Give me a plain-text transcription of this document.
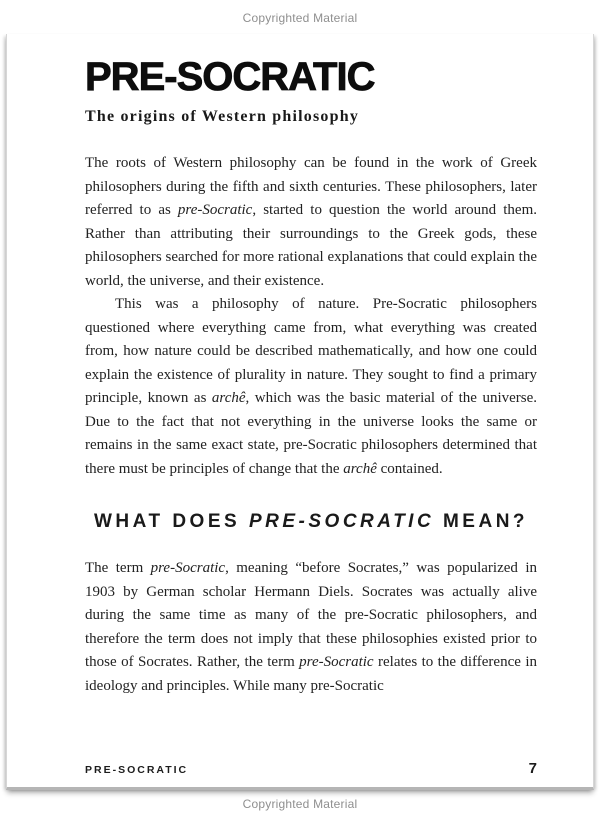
Copyrighted Material
PRE-SOCRATIC
The origins of Western philosophy

The roots of Western philosophy can be found in the work of Greek philosophers during the fifth and sixth centuries. These philosophers, later referred to as pre-Socratic, started to question the world around them. Rather than attributing their surroundings to the Greek gods, these philosophers searched for more rational explanations that could explain the world, the universe, and their existence.

This was a philosophy of nature. Pre-Socratic philosophers questioned where everything came from, what everything was created from, how nature could be described mathematically, and how one could explain the existence of plurality in nature. They sought to find a primary principle, known as archê, which was the basic material of the universe. Due to the fact that not everything in the universe looks the same or remains in the same exact state, pre-Socratic philosophers determined that there must be principles of change that the archê contained.

WHAT DOES PRE-SOCRATIC MEAN?

The term pre-Socratic, meaning “before Socrates,” was popularized in 1903 by German scholar Hermann Diels. Socrates was actually alive during the same time as many of the pre-Socratic philosophers, and therefore the term does not imply that these philosophies existed prior to those of Socrates. Rather, the term pre-Socratic relates to the difference in ideology and principles. While many pre-Socratic

PRE-SOCRATIC	7
Copyrighted Material
